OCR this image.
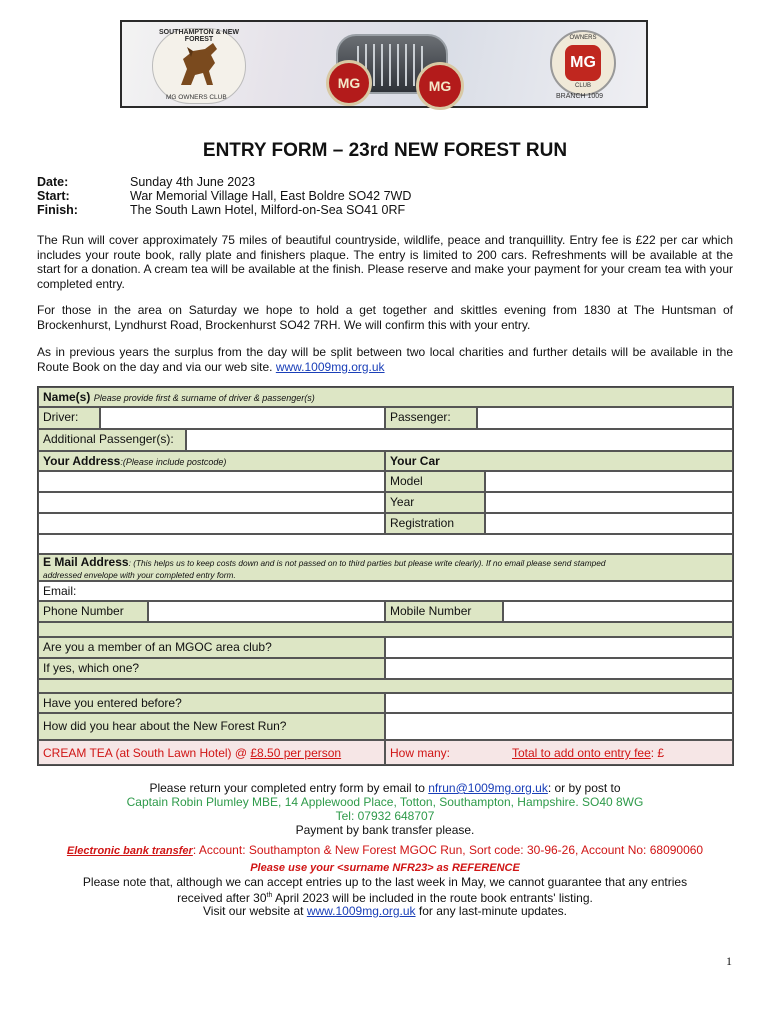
SOUTHAMPTON & NEW FOREST
MG OWNERS CLUB
MG	MG
OWNERS
MG
CLUB
BRANCH 1009
ENTRY FORM – 23rd NEW FOREST RUN
Date:	Sunday 4th June 2023
Start:	War Memorial Village Hall, East Boldre SO42 7WD
Finish:	The South Lawn Hotel, Milford-on-Sea SO41 0RF
The Run will cover approximately 75 miles of beautiful countryside, wildlife, peace and tranquillity. Entry fee is £22 per car which includes your route book, rally plate and finishers plaque. The entry is limited to 200 cars. Refreshments will be available at the start for a donation. A cream tea will be available at the finish. Please reserve and make your payment for your cream tea with your completed entry.
For those in the area on Saturday we hope to hold a get together and skittles evening from 1830 at The Huntsman of Brockenhurst, Lyndhurst Road, Brockenhurst SO42 7RH. We will confirm this with your entry.
As in previous years the surplus from the day will be split between two local charities and further details will be available in the Route Book on the day and via our web site. www.1009mg.org.uk
Name(s) Please provide first & surname of driver & passenger(s)
Driver:	Passenger:
Additional Passenger(s):
Your Address:(Please include postcode)	Your Car
Model
Year
Registration
E Mail Address: (This helps us to keep costs down and is not passed on to third parties but please write clearly). If no email please send stamped
addressed envelope with your completed entry form.
Email:
Phone Number	Mobile Number
Are you a member of an MGOC area club?
If yes, which one?
Have you entered before?
How did you hear about the New Forest Run?
CREAM TEA (at South Lawn Hotel) @ £8.50 per person	How many:	Total to add onto entry fee: £
Please return your completed entry form by email to nfrun@1009mg.org.uk: or by post to
Captain Robin Plumley MBE, 14 Applewood Place, Totton, Southampton, Hampshire. SO40 8WG
Tel: 07932 648707
Payment by bank transfer please.
Electronic bank transfer: Account: Southampton & New Forest MGOC Run, Sort code: 30-96-26, Account No: 68090060
Please use your <surname NFR23> as REFERENCE
Please note that, although we can accept entries up to the last week in May, we cannot guarantee that any entries
received after 30th April 2023 will be included in the route book entrants' listing.
Visit our website at www.1009mg.org.uk for any last-minute updates.
1
